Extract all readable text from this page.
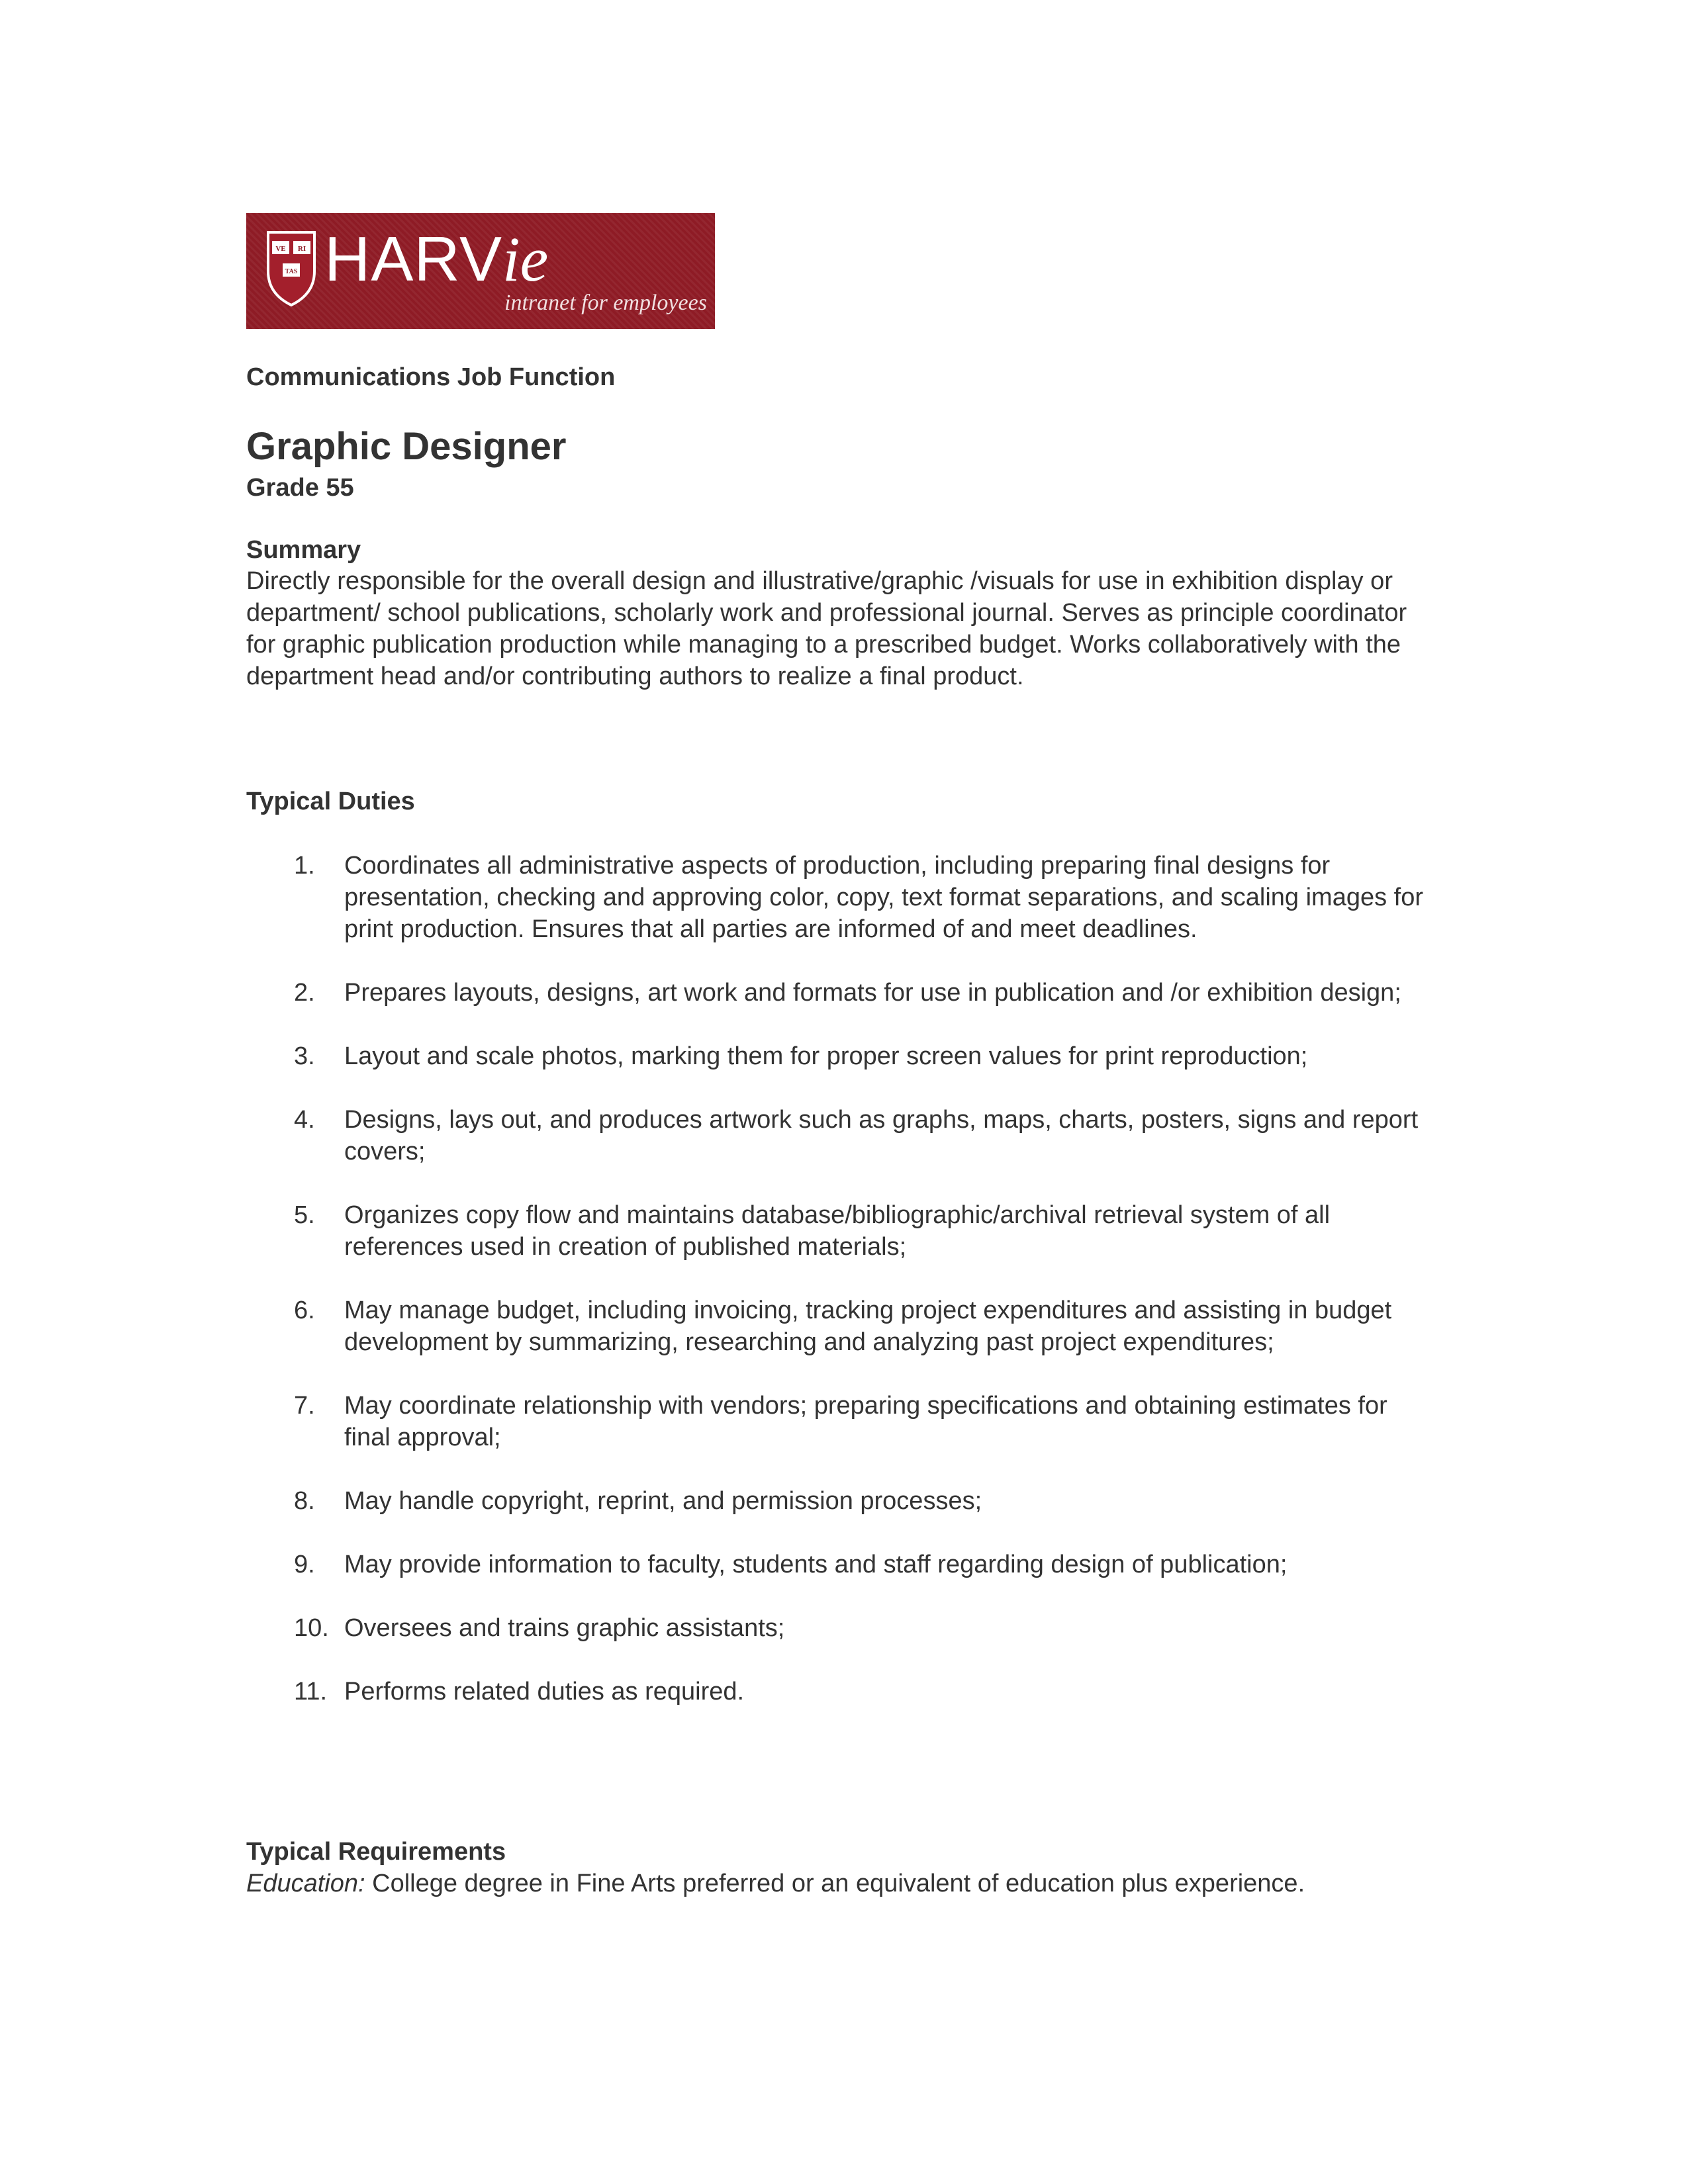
VE RI
TAS HARVie

intranet for employees

Communications Job Function

Graphic Designer

Grade 55

Summary

Directly responsible for the overall design and illustrative/graphic /visuals for use in exhibition display or department/ school publications, scholarly work and professional journal. Serves as principle coordinator for graphic publication production while managing to a prescribed budget. Works collaboratively with the department head and/or contributing authors to realize a final product.

Typical Duties

1. Coordinates all administrative aspects of production, including preparing final designs for presentation, checking and approving color, copy, text format separations, and scaling images for print production. Ensures that all parties are informed of and meet deadlines.
2. Prepares layouts, designs, art work and formats for use in publication and /or exhibition design;
3. Layout and scale photos, marking them for proper screen values for print reproduction;
4. Designs, lays out, and produces artwork such as graphs, maps, charts, posters, signs and report covers;
5. Organizes copy flow and maintains database/bibliographic/archival retrieval system of all references used in creation of published materials;
6. May manage budget, including invoicing, tracking project expenditures and assisting in budget development by summarizing, researching and analyzing past project expenditures;
7. May coordinate relationship with vendors; preparing specifications and obtaining estimates for final approval;
8. May handle copyright, reprint, and permission processes;
9. May provide information to faculty, students and staff regarding design of publication;
10. Oversees and trains graphic assistants;
11. Performs related duties as required.

Typical Requirements

Education: College degree in Fine Arts preferred or an equivalent of education plus experience.
